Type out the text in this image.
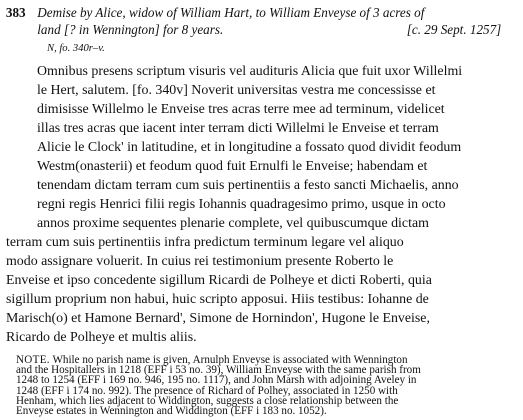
383 Demise by Alice, widow of William Hart, to William Enveyse of 3 acres of
land [? in Wennington] for 8 years.	[c. 29 Sept. 1257]
N, fo. 340r–v.
Omnibus presens scriptum visuris vel audituris Alicia que fuit uxor Willelmi
le Hert, salutem. [fo. 340v] Noverit universitas vestra me concessisse et
dimisisse Willelmo le Enveise tres acras terre mee ad terminum, videlicet
illas tres acras que iacent inter terram dicti Willelmi le Enveise et terram
Alicie le Clock' in latitudine, et in longitudine a fossato quod dividit feodum
Westm(onasterii) et feodum quod fuit Ernulfi le Enveise; habendam et
tenendam dictam terram cum suis pertinentiis a festo sancti Michaelis, anno
regni regis Henrici filii regis Iohannis quadragesimo primo, usque in octo
annos proxime sequentes plenarie complete, vel quibuscumque dictam
terram cum suis pertinentiis infra predictum terminum legare vel aliquo
modo assignare voluerit. In cuius rei testimonium presente Roberto le
Enveise et ipso concedente sigillum Ricardi de Polheye et dicti Roberti, quia
sigillum proprium non habui, huic scripto apposui. Hiis testibus: Iohanne de
Marisch(o) et Hamone Bernard', Simone de Hornindon', Hugone le Enveise,
Ricardo de Polheye et multis aliis.
NOTE. While no parish name is given, Arnulph Enveyse is associated with Wennington
and the Hospitallers in 1218 (EFF i 53 no. 39), William Enveyse with the same parish from
1248 to 1254 (EFF i 169 no. 946, 195 no. 1117), and John Marsh with adjoining Aveley in
1248 (EFF i 174 no. 992). The presence of Richard of Polhey, associated in 1250 with
Henham, which lies adjacent to Widdington, suggests a close relationship between the
Enveyse estates in Wennington and Widdington (EFF i 183 no. 1052).
